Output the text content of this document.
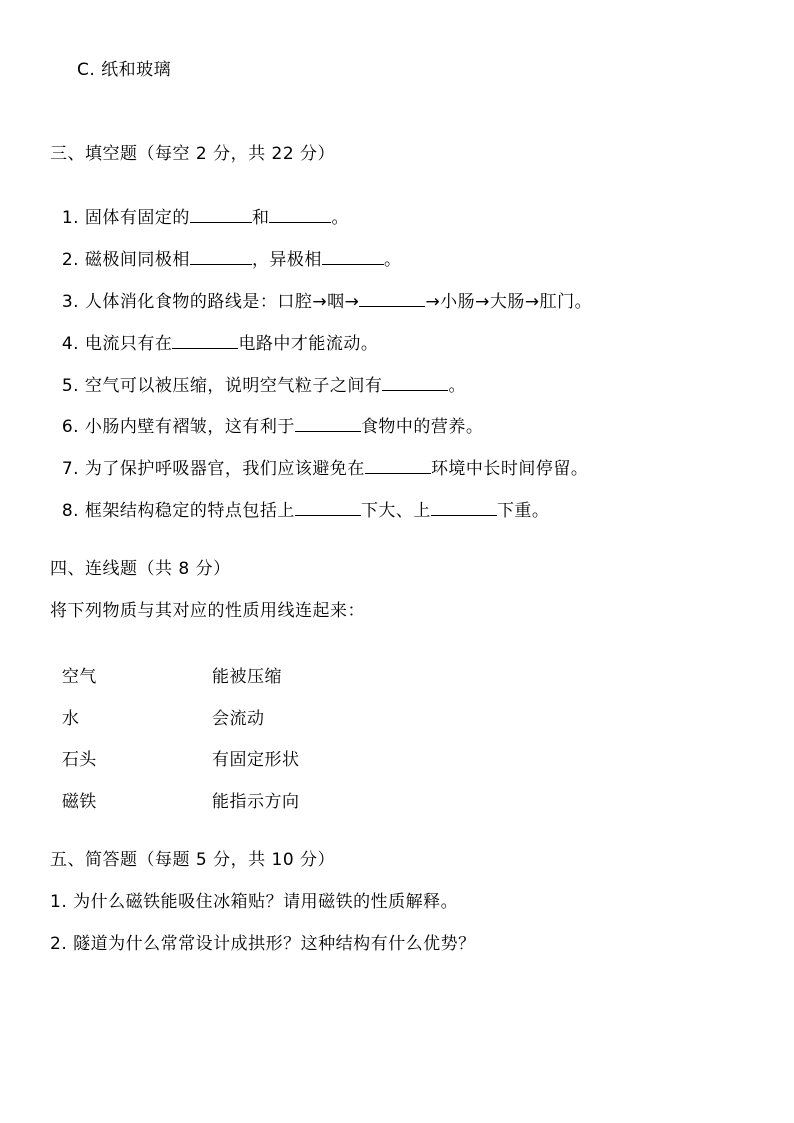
C. 纸和玻璃
三、填空题（每空 2 分，共 22 分）

1. 固体有固定的	和	。

2. 磁极间同极相	，异极相	。

3. 人体消化食物的路线是：口腔→咽→	→小肠→大肠→肛门。

4. 电流只有在	电路中才能流动。

5. 空气可以被压缩，说明空气粒子之间有	。

6. 小肠内壁有褶皱，这有利于	食物中的营养。

7. 为了保护呼吸器官，我们应该避免在	环境中长时间停留。

8. 框架结构稳定的特点包括上	下大、上	下重。

四、连线题（共 8 分）
将下列物质与其对应的性质用线连起来：

空气	能被压缩

水	会流动

石头	有固定形状

磁铁	能指示方向

五、简答题（每题 5 分，共 10 分）
1. 为什么磁铁能吸住冰箱贴？请用磁铁的性质解释。
2. 隧道为什么常常设计成拱形？这种结构有什么优势？
